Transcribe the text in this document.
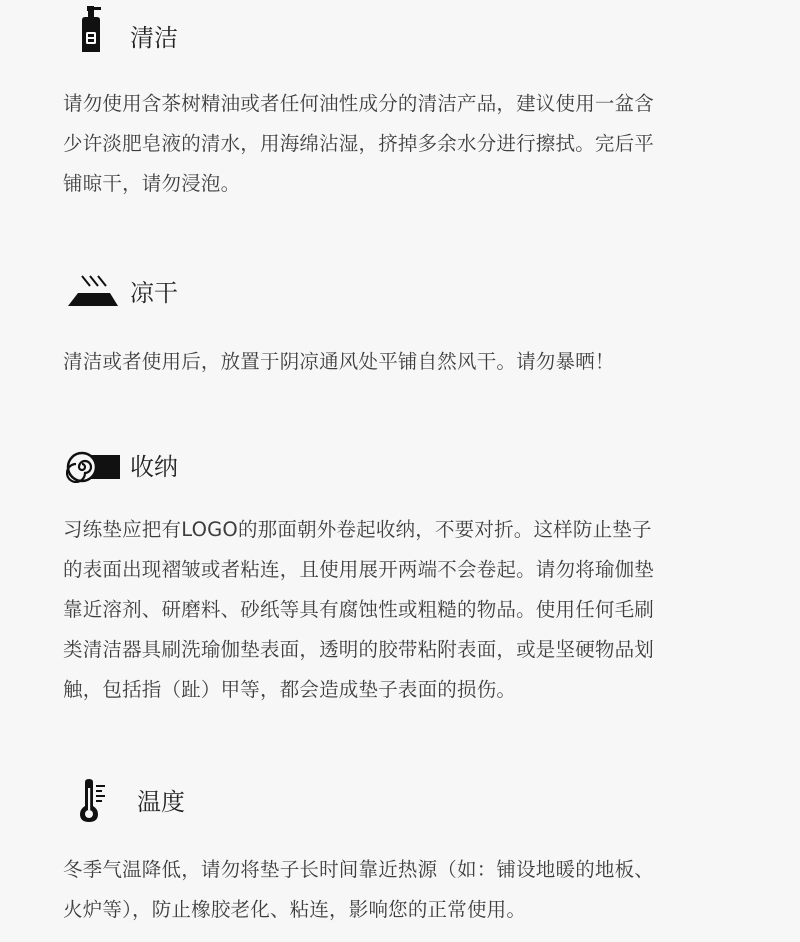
清洁
请勿使用含茶树精油或者任何油性成分的清洁产品，建议使用一盆含
少许淡肥皂液的清水，用海绵沾湿，挤掉多余水分进行擦拭。完后平
铺晾干，请勿浸泡。
凉干
清洁或者使用后，放置于阴凉通风处平铺自然风干。请勿暴晒！
收纳
习练垫应把有LOGO的那面朝外卷起收纳，不要对折。这样防止垫子
的表面出现褶皱或者粘连，且使用展开两端不会卷起。请勿将瑜伽垫
靠近溶剂、研磨料、砂纸等具有腐蚀性或粗糙的物品。使用任何毛刷
类清洁器具刷洗瑜伽垫表面，透明的胶带粘附表面，或是坚硬物品划
触，包括指（趾）甲等，都会造成垫子表面的损伤。
温度
冬季气温降低，请勿将垫子长时间靠近热源（如：铺设地暖的地板、
火炉等），防止橡胶老化、粘连，影响您的正常使用。
